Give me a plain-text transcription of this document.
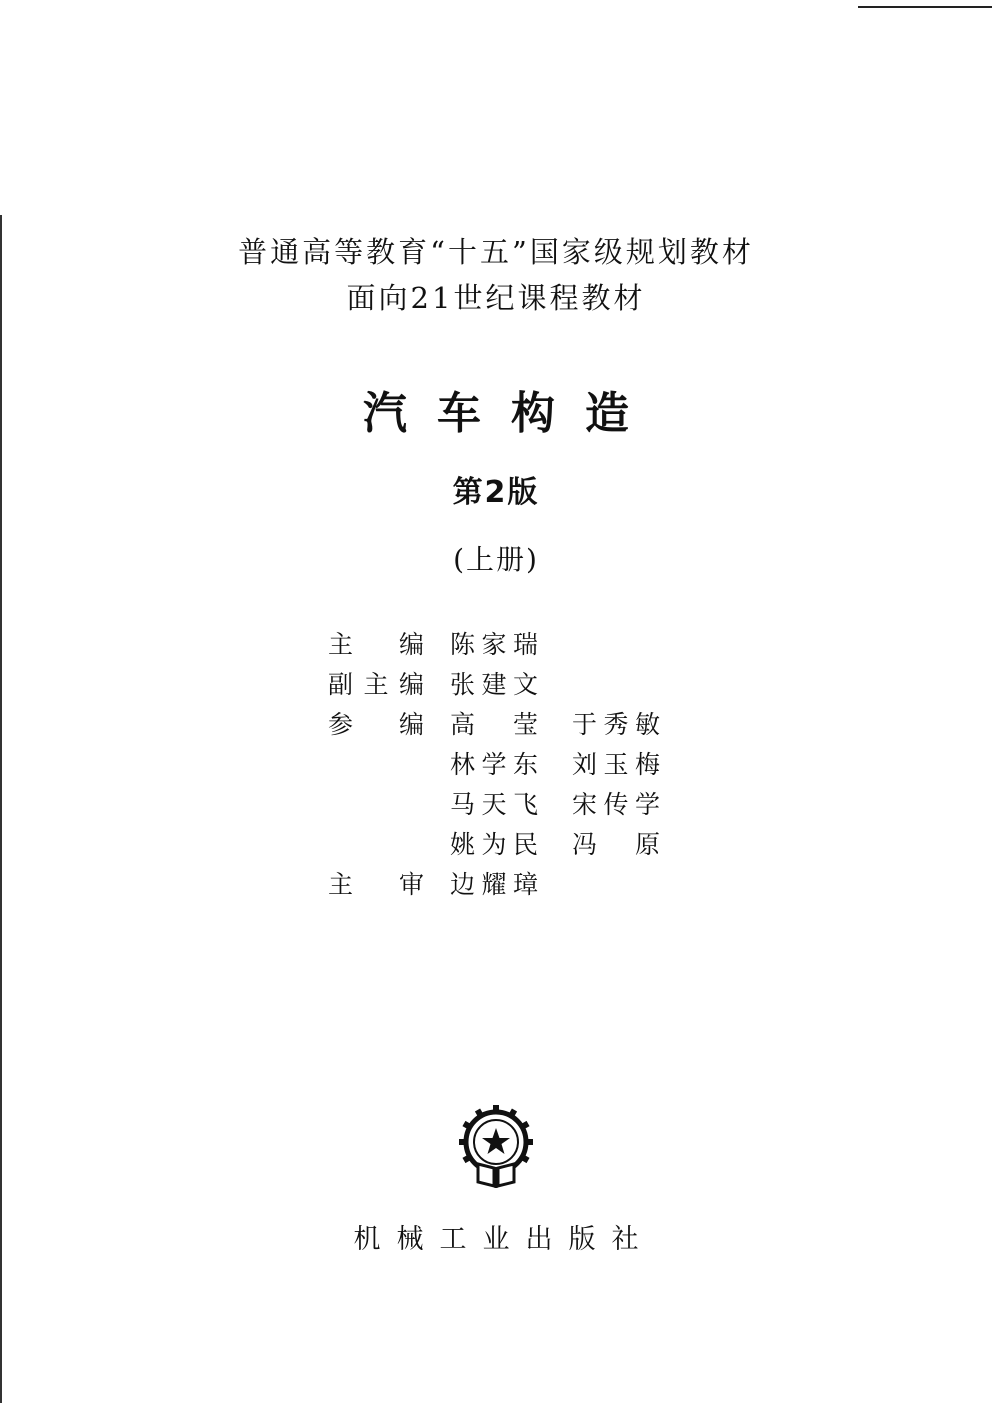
普通高等教育“十五”国家级规划教材
面向21世纪课程教材
汽车构造
第2版
(上册)
主 编 陈 家 瑞
副 主 编 张 建 文
参 编 高 莹 于 秀 敏
林 学 东 刘 玉 梅
马 天 飞 宋 传 学
姚 为 民 冯 原
主 审 边 耀 璋
机械工业出版社
